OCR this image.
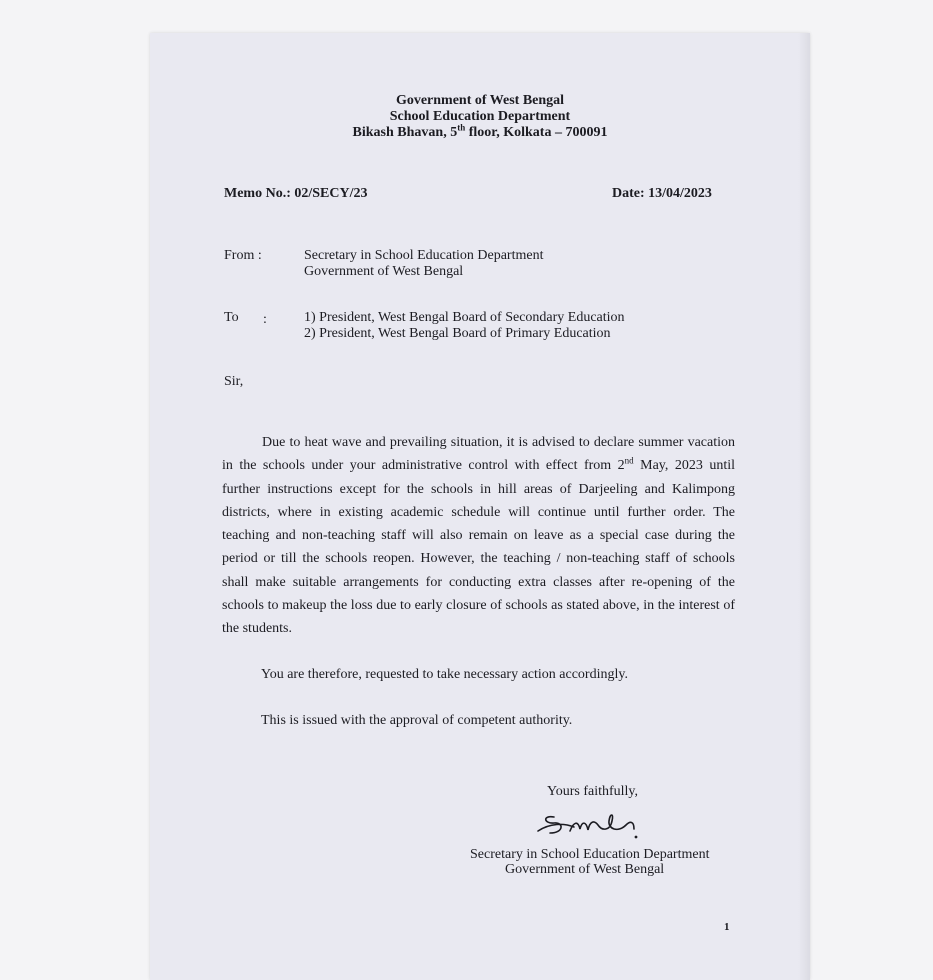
Government of West Bengal
School Education Department
Bikash Bhavan, 5th floor, Kolkata – 700091
Memo No.: 02/SECY/23	Date: 13/04/2023
From :	Secretary in School Education Department
Government of West Bengal
To :	1) President, West Bengal Board of Secondary Education
2) President, West Bengal Board of Primary Education
Sir,
Due to heat wave and prevailing situation, it is advised to declare summer vacation in the schools under your administrative control with effect from 2nd May, 2023 until further instructions except for the schools in hill areas of Darjeeling and Kalimpong districts, where in existing academic schedule will continue until further order. The teaching and non-teaching staff will also remain on leave as a special case during the period or till the schools reopen. However, the teaching / non-teaching staff of schools shall make suitable arrangements for conducting extra classes after re-opening of the schools to makeup the loss due to early closure of schools as stated above, in the interest of the students.
You are therefore, requested to take necessary action accordingly.
This is issued with the approval of competent authority.
Yours faithfully,
Secretary in School Education Department
Government of West Bengal
1
